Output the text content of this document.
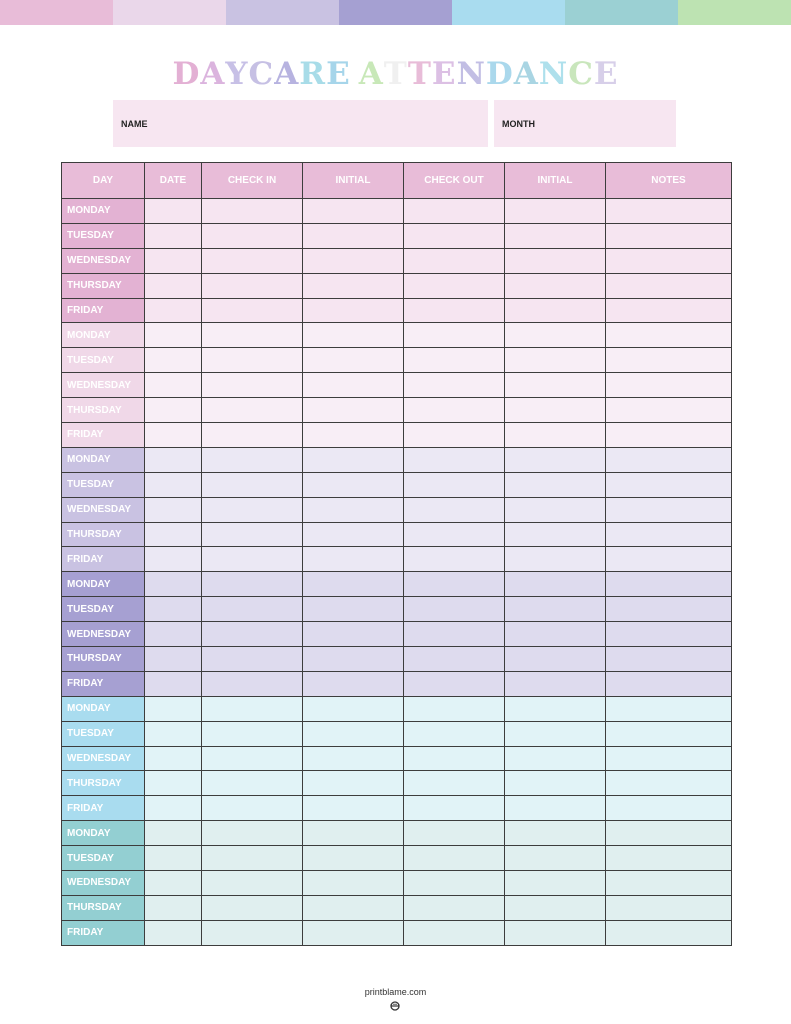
DAYCARE ATTENDANCE
NAME	MONTH
DAY	DATE	CHECK IN	INITIAL	CHECK OUT	INITIAL	NOTES
MONDAY						
TUESDAY						
WEDNESDAY						
THURSDAY						
FRIDAY						
MONDAY						
TUESDAY						
WEDNESDAY						
THURSDAY						
FRIDAY						
MONDAY						
TUESDAY						
WEDNESDAY						
THURSDAY						
FRIDAY						
MONDAY						
TUESDAY						
WEDNESDAY						
THURSDAY						
FRIDAY						
MONDAY						
TUESDAY						
WEDNESDAY						
THURSDAY						
FRIDAY						
MONDAY						
TUESDAY						
WEDNESDAY						
THURSDAY						
FRIDAY						
printblame.com
